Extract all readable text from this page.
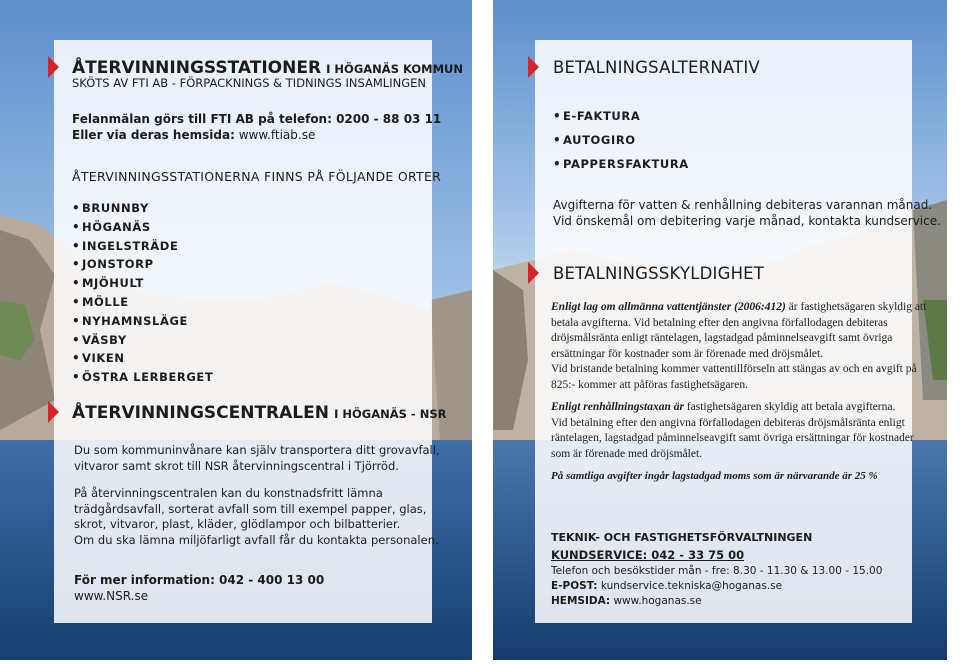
ÅTERVINNINGSSTATIONER I HÖGANÄS KOMMUN
SKÖTS AV FTI AB - FÖRPACKNINGS & TIDNINGS INSAMLINGEN
Felanmälan görs till FTI AB på telefon: 0200 - 88 03 11
Eller via deras hemsida: www.ftiab.se
ÅTERVINNINGSSTATIONERNA FINNS PÅ FÖLJANDE ORTER
• BRUNNBY
• HÖGANÄS
• INGELSTRÄDE
• JONSTORP
• MJÖHULT
• MÖLLE
• NYHAMNSLÄGE
• VÄSBY
• VIKEN
• ÖSTRA LERBERGET
ÅTERVINNINGSCENTRALEN I HÖGANÄS - NSR
Du som kommuninvånare kan själv transportera ditt grovavfall,
vitvaror samt skrot till NSR återvinningscentral i Tjörröd.
På återvinningscentralen kan du konstnadsfritt lämna
trädgårdsavfall, sorterat avfall som till exempel papper, glas,
skrot, vitvaror, plast, kläder, glödlampor och bilbatterier.
Om du ska lämna miljöfarligt avfall får du kontakta personalen.
För mer information: 042 - 400 13 00
www.NSR.se
BETALNINGSALTERNATIV
• E-FAKTURA
• AUTOGIRO
• PAPPERSFAKTURA
Avgifterna för vatten & renhållning debiteras varannan månad.
Vid önskemål om debitering varje månad, kontakta kundservice.
BETALNINGSSKYLDIGHET
Enligt lag om allmänna vattentjänster (2006:412) är fastighetsägaren skyldig att
betala avgifterna. Vid betalning efter den angivna förfallodagen debiteras
dröjsmålsränta enligt räntelagen, lagstadgad påminnelseavgift samt övriga
ersättningar för kostnader som är förenade med dröjsmålet.
Vid bristande betalning kommer vattentillförseln att stängas av och en avgift på
825:- kommer att påföras fastighetsägaren.
Enligt renhållningstaxan är fastighetsägaren skyldig att betala avgifterna.
Vid betalning efter den angivna förfallodagen debiteras dröjsmålsränta enligt
räntelagen, lagstadgad påminnelseavgift samt övriga ersättningar för kostnader
som är förenade med dröjsmålet.
På samtliga avgifter ingår lagstadgad moms som är närvarande är 25 %
TEKNIK- OCH FASTIGHETSFÖRVALTNINGEN
KUNDSERVICE: 042 - 33 75 00
Telefon och besökstider mån - fre: 8.30 - 11.30 & 13.00 - 15.00
E-POST: kundservice.tekniska@hoganas.se
HEMSIDA: www.hoganas.se
